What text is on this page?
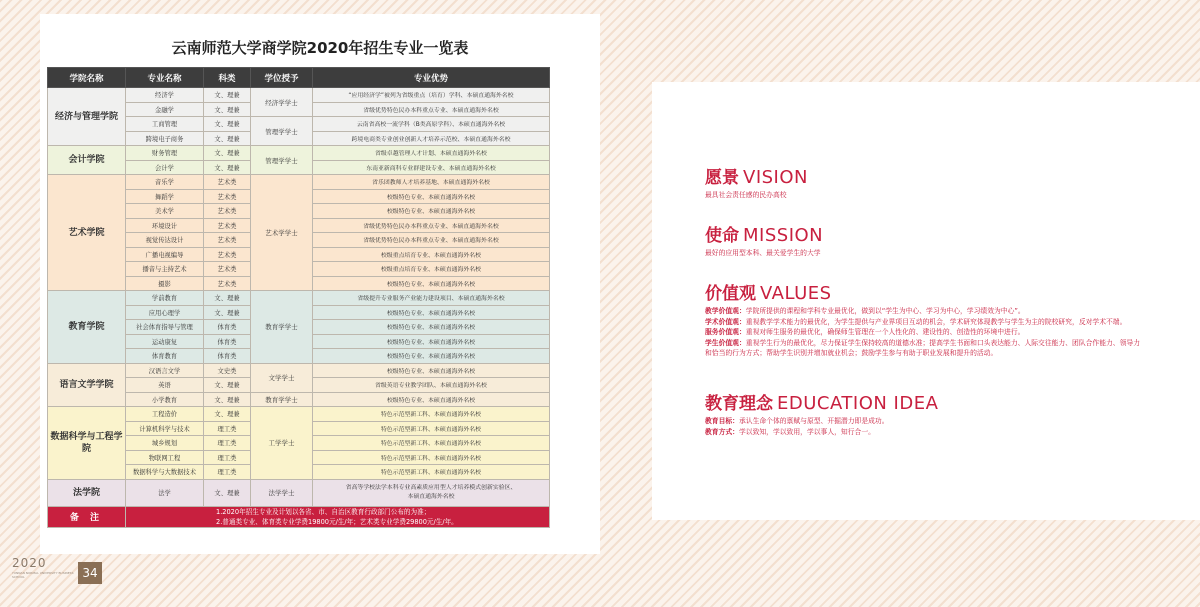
云南师范大学商学院2020年招生专业一览表
学院名称	专业名称	科类	学位授予	专业优势
经济与管理学院	经济学	文、理兼	经济学学士	“应用经济学”被列为省级重点（培育）学科、本硕直通海外名校
	金融学	文、理兼		省级优势特色民办本科重点专业、本硕直通海外名校
	工商管理	文、理兼	管理学学士	云南省高校一流学科（B类高原学科）、本硕直通海外名校
	跨境电子商务	文、理兼		跨境电商类专业创业创新人才培养示范校、本硕直通海外名校
会计学院	财务管理	文、理兼	管理学学士	省级卓越管理人才计划、本硕直通海外名校
	会计学	文、理兼		东南亚新商科专业群建设专业、本硕直通海外名校
艺术学院	音乐学	艺术类	艺术学学士	省乐团教师人才培养基地、本硕直通海外名校
	舞蹈学	艺术类		校级特色专业、本硕直通海外名校
	美术学	艺术类		校级特色专业、本硕直通海外名校
	环境设计	艺术类		省级优势特色民办本科重点专业、本硕直通海外名校
	视觉传达设计	艺术类		省级优势特色民办本科重点专业、本硕直通海外名校
	广播电视编导	艺术类		校级重点培育专业、本硕直通海外名校
	播音与主持艺术	艺术类		校级重点培育专业、本硕直通海外名校
	摄影	艺术类		校级特色专业、本硕直通海外名校
教育学院	学前教育	文、理兼	教育学学士	省级提升专业服务产业能力建设项目、本硕直通海外名校
	应用心理学	文、理兼		校级特色专业、本硕直通海外名校
	社会体育指导与管理	体育类		校级特色专业、本硕直通海外名校
	运动康复	体育类		校级特色专业、本硕直通海外名校
	体育教育	体育类		校级特色专业、本硕直通海外名校
语言文学学院	汉语言文学	文史类	文学学士	校级特色专业、本硕直通海外名校
	英语	文、理兼		省级英语专业教学团队、本硕直通海外名校
	小学教育	文、理兼	教育学学士	校级特色专业、本硕直通海外名校
数据科学与工程学院	工程造价	文、理兼	工学学士	特色示范型新工科、本硕直通海外名校
	计算机科学与技术	理工类		特色示范型新工科、本硕直通海外名校
	城乡规划	理工类		特色示范型新工科、本硕直通海外名校
	物联网工程	理工类		特色示范型新工科、本硕直通海外名校
	数据科学与大数据技术	理工类		特色示范型新工科、本硕直通海外名校
法学院	法学	文、理兼	法学学士	省高等学校法学本科专业高素质应用型人才培养模式创新实验区、
本硕直通海外名校

备 注	1.2020年招生专业及计划以各省、市、自治区教育行政部门公布的为准；
2.普通类专业、体育类专业学费19800元/生/年；艺术类专业学费29800元/生/年。			
2020
YUNNAN NORMAL UNIVERSITY BUSINESS SCHOOL	34
愿景 VISION
最具社会责任感的民办高校
使命 MISSION
最好的应用型本科、最关爱学生的大学
价值观 VALUES
教学价值观：学院所提供的课程和学科专业最优化，做到以“学生为中心、学习为中心，学习绩效为中心”。
学术价值观：重视教学学术能力的最优化，为学生提供与产业界项目互动的机会，学术研究体现教学与学生为主的院校研究，反对学术不端。
服务价值观：重视对师生服务的最优化，确保师生管理在一个人性化的、建设性的、创造性的环境中进行。
学生价值观：重视学生行为的最优化，尽力保证学生保持较高的道德水准；提高学生书面和口头表达能力、人际交往能力、团队合作能力、领导力和恰当的行为方式；帮助学生识别并增加就业机会；鼓励学生参与有助于职业发展和提升的活动。
教育理念 EDUCATION IDEA
教育目标：承认生命个体的禀赋与原型、开掘潜力即是成功。
教育方式：学以致知，学以致用，学以事人，知行合一。
